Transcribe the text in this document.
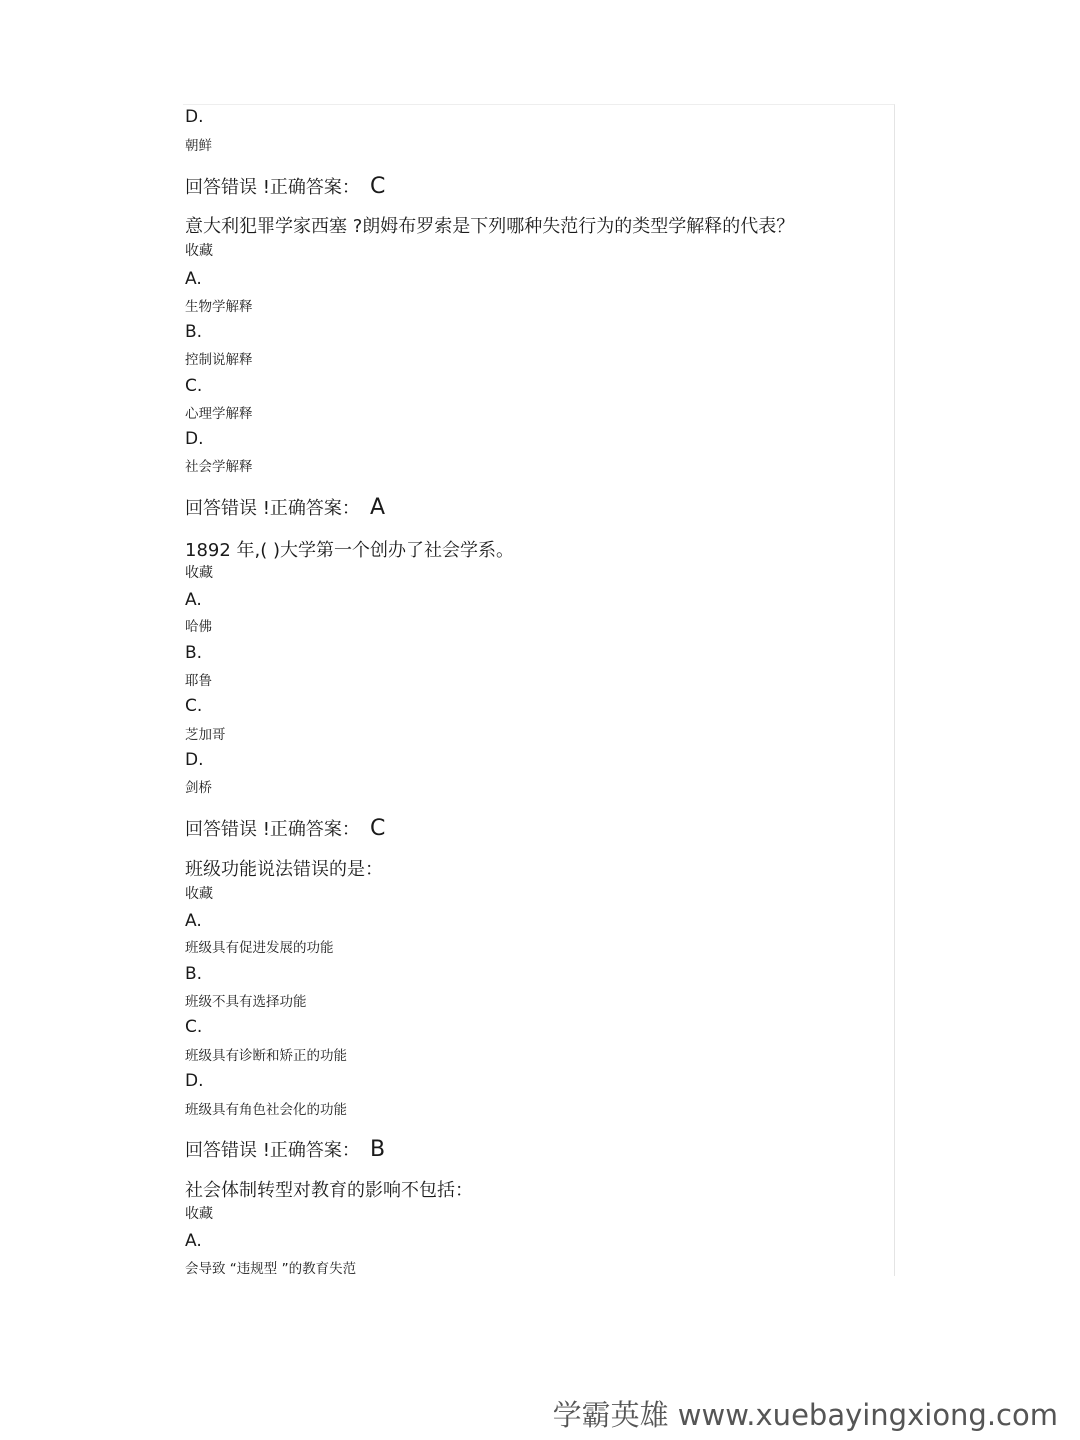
D.
朝鲜
回答错误 !正确答案： C
意大利犯罪学家西塞 ?朗姆布罗索是下列哪种失范行为的类型学解释的代表？
收藏
A.
生物学解释
B.
控制说解释
C.
心理学解释
D.
社会学解释
回答错误 !正确答案： A
1892 年,( )大学第一个创办了社会学系。
收藏
A.
哈佛
B.
耶鲁
C.
芝加哥
D.
剑桥
回答错误 !正确答案： C
班级功能说法错误的是：
收藏
A.
班级具有促进发展的功能
B.
班级不具有选择功能
C.
班级具有诊断和矫正的功能
D.
班级具有角色社会化的功能
回答错误 !正确答案： B
社会体制转型对教育的影响不包括：
收藏
A.
会导致 “违规型 ”的教育失范
学霸英雄 www.xuebayingxiong.com
